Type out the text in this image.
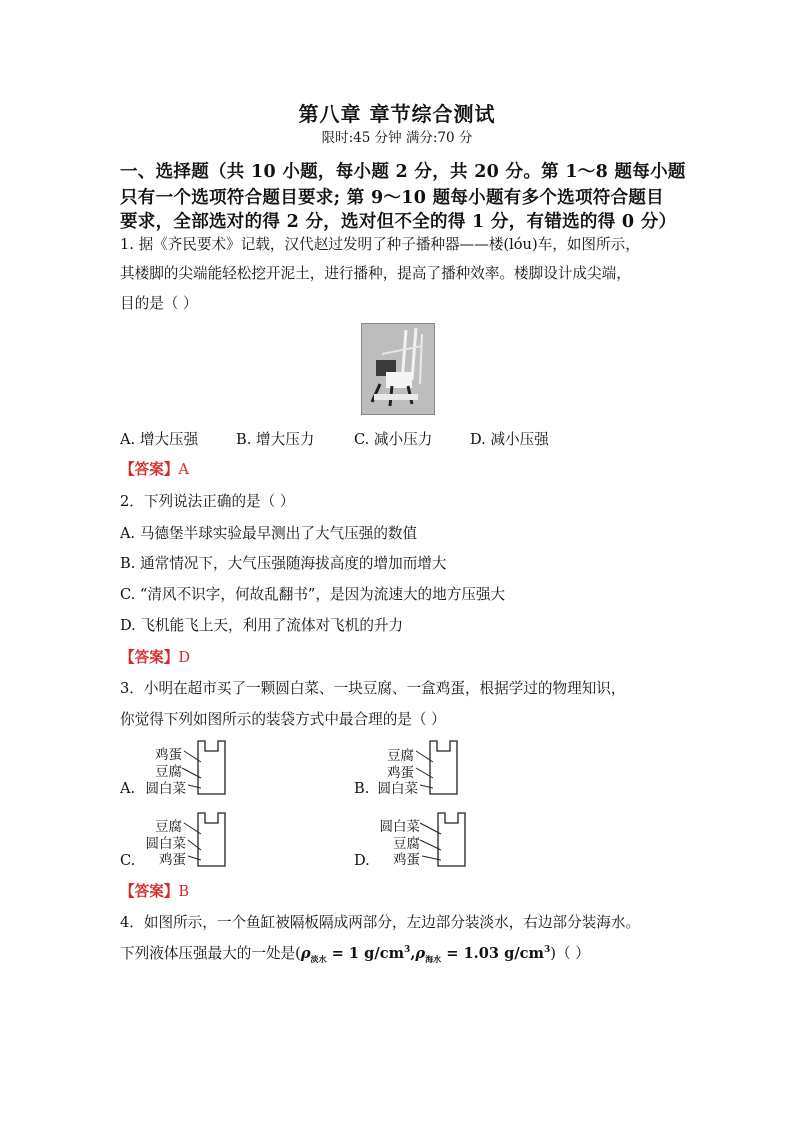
第八章 章节综合测试
限时:45 分钟 满分:70 分
一、选择题（共 10 小题，每小题 2 分，共 20 分。第 1～8 题每小题
只有一个选项符合题目要求; 第 9～10 题每小题有多个选项符合题目
要求，全部选对的得 2 分，选对但不全的得 1 分，有错选的得 0 分）
1. 据《齐民要术》记载，汉代赵过发明了种子播种器——楼(lóu)车，如图所示，
其楼脚的尖端能轻松挖开泥土，进行播种，提高了播种效率。楼脚设计成尖端，
目的是（ ）
A. 增大压强	B. 增大压力	C. 减小压力	D. 减小压强
【答案】A
2．下列说法正确的是（ ）
A. 马德堡半球实验最早测出了大气压强的数值
B. 通常情况下，大气压强随海拔高度的增加而增大
C. “清风不识字，何故乱翻书”，是因为流速大的地方压强大
D. 飞机能飞上天，利用了流体对飞机的升力
【答案】D
3．小明在超市买了一颗圆白菜、一块豆腐、一盒鸡蛋，根据学过的物理知识，
你觉得下列如图所示的装袋方式中最合理的是（ ）
A.
鸡蛋
豆腐
圆白菜	B.
豆腐
鸡蛋
圆白菜
C.
豆腐
圆白菜
鸡蛋	D.
圆白菜
豆腐
鸡蛋
【答案】B
4．如图所示，一个鱼缸被隔板隔成两部分，左边部分装淡水，右边部分装海水。
下列液体压强最大的一处是($\rho_{淡水} = 1$ $g/cm^3,\rho_{海水} = 1.03$ $g/cm^3$)（ ）
